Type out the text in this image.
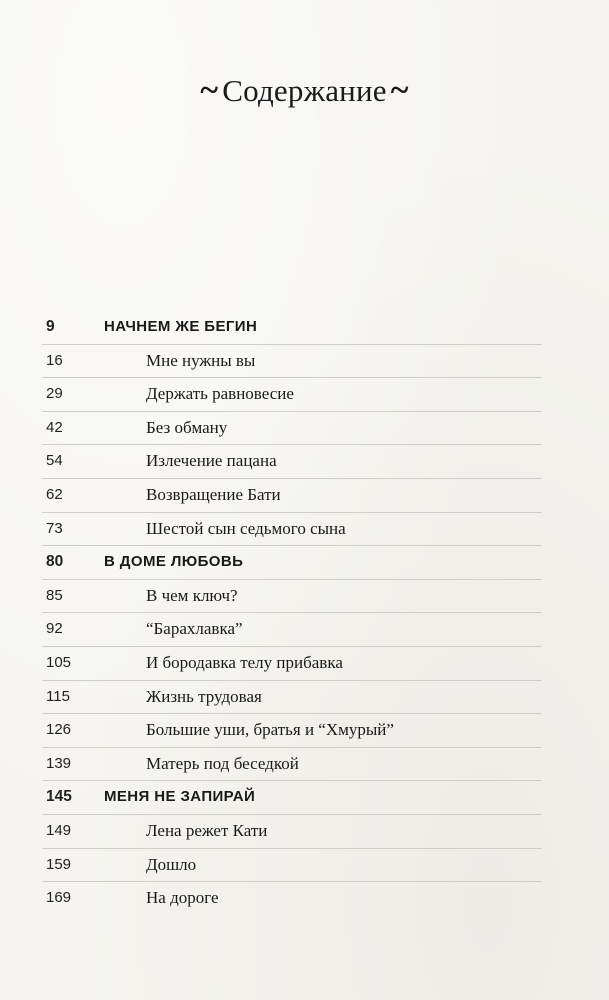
~ Содержание ~
9	НАЧНЕМ ЖЕ БЕГИН
16	Мне нужны вы
29	Держать равновесие
42	Без обману
54	Излечение пацана
62	Возвращение Бати
73	Шестой сын седьмого сына
80	В ДОМЕ ЛЮБОВЬ
85	В чем ключ?
92	“Барахлавка”
105	И бородавка телу прибавка
115	Жизнь трудовая
126	Большие уши, братья и “Хмурый”
139	Матерь под беседкой
145 МЕНЯ НЕ ЗАПИРАЙ
149	Лена режет Кати
159	Дошло
169	На дороге
